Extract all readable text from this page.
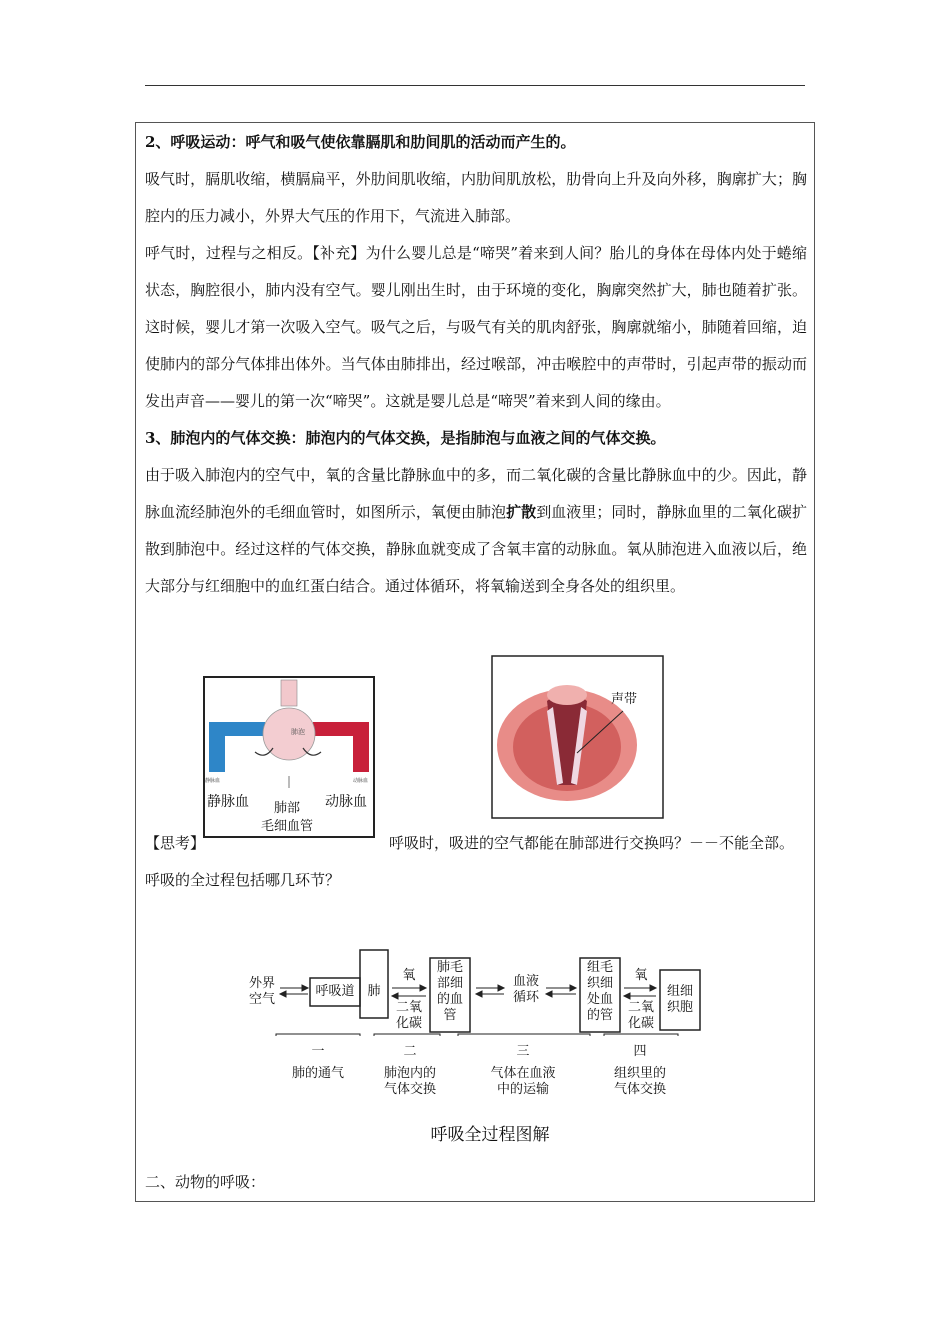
2、呼吸运动：呼气和吸气使依靠膈肌和肋间肌的活动而产生的。

吸气时，膈肌收缩，横膈扁平，外肋间肌收缩，内肋间肌放松，肋骨向上升及向外移，胸廓扩大；胸腔内的压力减小，外界大气压的作用下，气流进入肺部。

呼气时，过程与之相反。【补充】为什么婴儿总是“啼哭”着来到人间？胎儿的身体在母体内处于蜷缩状态，胸腔很小，肺内没有空气。婴儿刚出生时，由于环境的变化，胸廓突然扩大，肺也随着扩张。这时候，婴儿才第一次吸入空气。吸气之后，与吸气有关的肌肉舒张，胸廓就缩小，肺随着回缩，迫使肺内的部分气体排出体外。当气体由肺排出，经过喉部，冲击喉腔中的声带时，引起声带的振动而发出声音——婴儿的第一次“啼哭”。这就是婴儿总是“啼哭”着来到人间的缘由。

3、肺泡内的气体交换：肺泡内的气体交换，是指肺泡与血液之间的气体交换。

由于吸入肺泡内的空气中，氧的含量比静脉血中的多，而二氧化碳的含量比静脉血中的少。因此，静脉血流经肺泡外的毛细血管时，如图所示，氧便由肺泡扩散到血液里；同时，静脉血里的二氧化碳扩散到肺泡中。经过这样的气体交换，静脉血就变成了含氧丰富的动脉血。氧从肺泡进入血液以后，绝大部分与红细胞中的血红蛋白结合。通过体循环，将氧输送到全身各处的组织里。

肺泡
静脉血	动脉血
静脉血	动脉血
肺部
毛细血管
声带

【思考】	呼吸时，吸进的空气都能在肺部进行交换吗？－－不能全部。

呼吸的全过程包括哪几环节？

外界
空气
呼吸道 肺
氧
二氧
化碳
肺毛
部细
的血
管
血液
循环
组毛
织细
处血
的管
氧
二氧
化碳
组细
织胞
一
肺的通气
二
肺泡内的
气体交换
三
气体在血液
中的运输
四
组织里的
气体交换
呼吸全过程图解

二、动物的呼吸：
